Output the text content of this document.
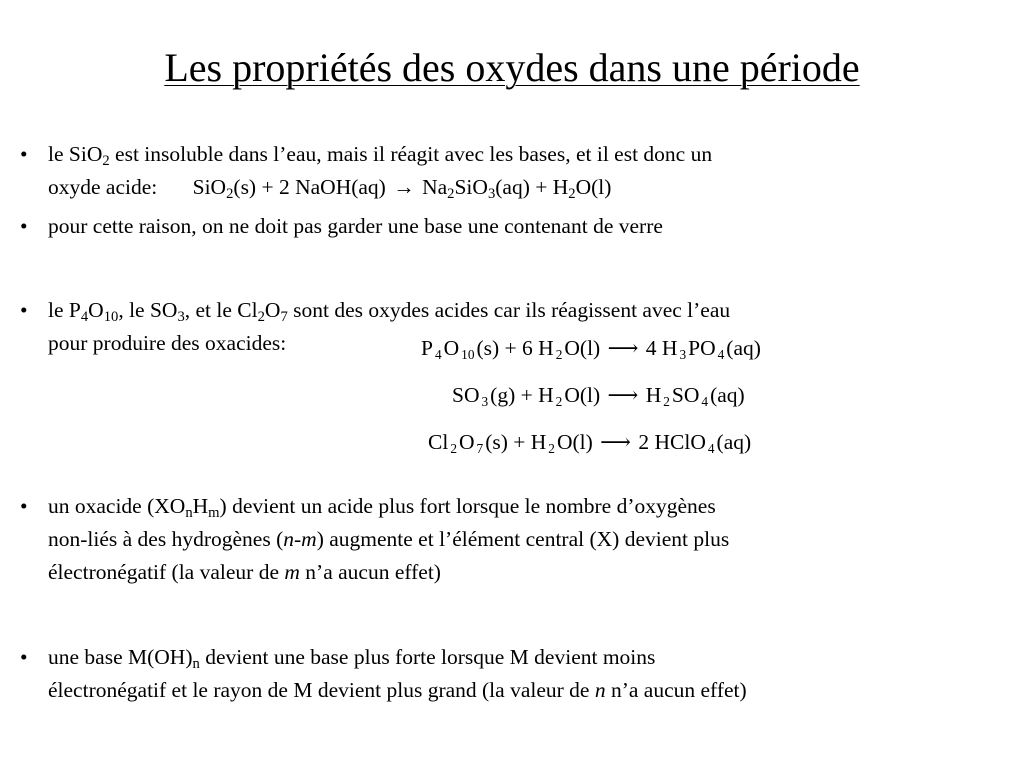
Les propriétés des oxydes dans une période
• le SiO$_2$ est insoluble dans l’eau, mais il réagit avec les bases, et il est donc un
oxyde acide: SiO$_2$(s) + 2 NaOH(aq) → $Na_2SiO_3(aq) + H_2O(l)$
• pour cette raison, on ne doit pas garder une base une contenant de verre
• le $P_4O_{10}$, le $SO_3$, et le $Cl_2O_7$ sont des oxydes acides car ils réagissent avec l’eau
pour produire des oxacides:	P $_4$O $_{10}$(s) + 6 H $_2$O(l) ⟶ 4 H $_3$PO $_4$(aq)
SO $_3$(g) + H $_2$O(l) ⟶ H $_2$SO $_4$(aq)
Cl $_2$O $_7$(s) + H $_2$O(l) ⟶ 2 HClO $_4$(aq)
• un oxacide $(XO_nH_m)$ devient un acide plus fort lorsque le nombre d’oxygènes
non-liés à des hydrogènes (n-m) augmente et l’élément central (X) devient plus
électronégatif (la valeur de m n’a aucun effet)
• une base $M(OH)_n$ devient une base plus forte lorsque M devient moins
électronégatif et le rayon de M devient plus grand (la valeur de n n’a aucun effet)
